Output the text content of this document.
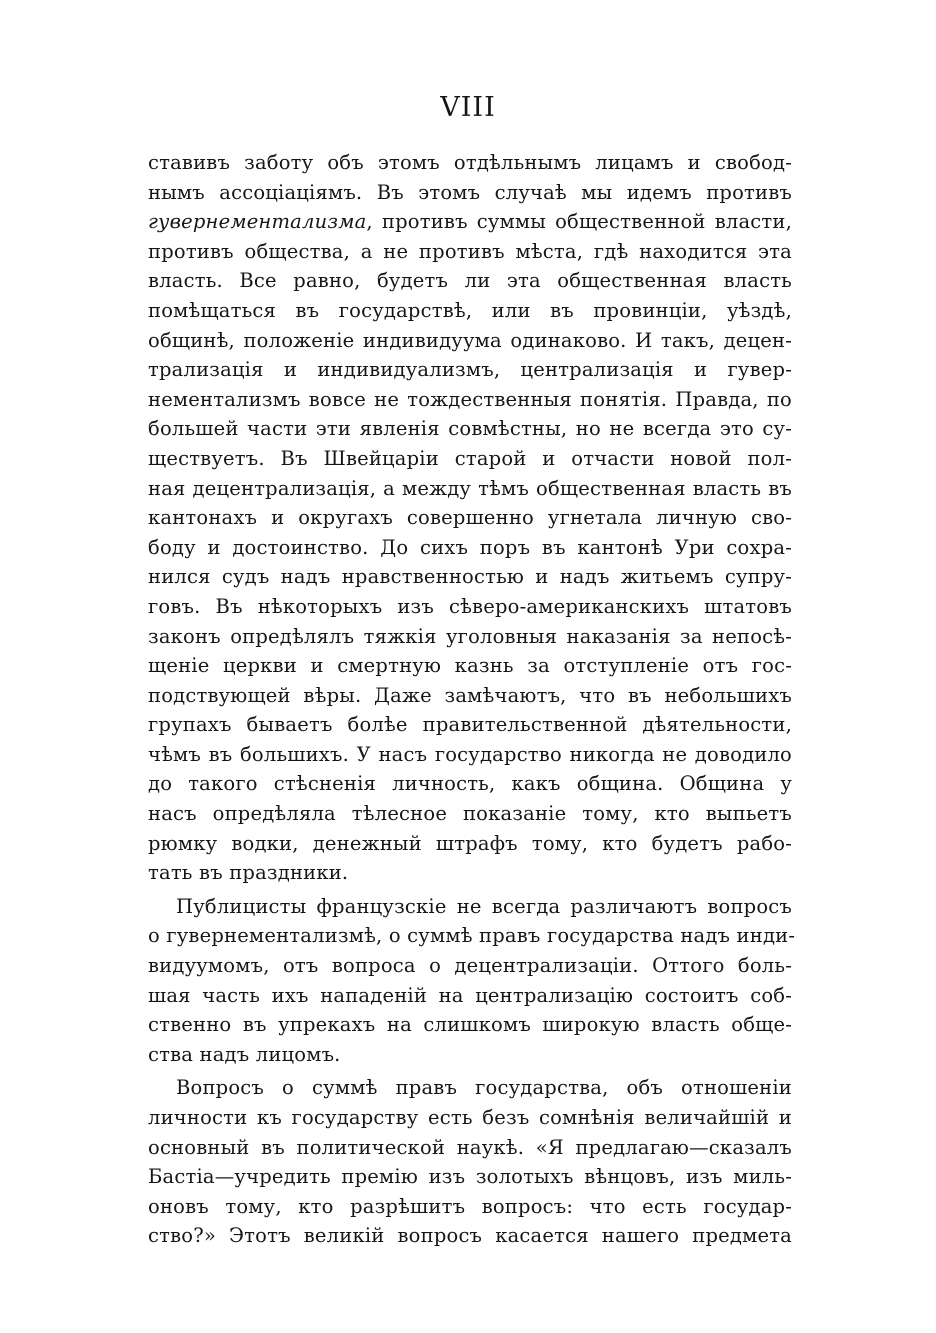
VIII
ставивъ заботу объ этомъ отдѣльнымъ лицамъ и свобод-
нымъ ассоціаціямъ. Въ этомъ случаѣ мы идемъ противъ
гувернементализма, противъ суммы общественной власти,
противъ общества, а не противъ мѣста, гдѣ находится эта
власть. Все равно, будетъ ли эта общественная власть
помѣщаться въ государствѣ, или въ провинціи, уѣздѣ,
общинѣ, положеніе индивидуума одинаково. И такъ, децен-
трализація и индивидуализмъ, централизація и гувер-
нементализмъ вовсе не тождественныя понятія. Правда, по
большей части эти явленія совмѣстны, но не всегда это су-
ществуетъ. Въ Швейцаріи старой и отчасти новой пол-
ная децентрализація, а между тѣмъ общественная власть въ
кантонахъ и округахъ совершенно угнетала личную сво-
боду и достоинство. До сихъ поръ въ кантонѣ Ури сохра-
нился судъ надъ нравственностью и надъ житьемъ супру-
говъ. Въ нѣкоторыхъ изъ сѣверо-американскихъ штатовъ
законъ опредѣлялъ тяжкія уголовныя наказанія за непосѣ-
щеніе церкви и смертную казнь за отступленіе отъ гос-
подствующей вѣры. Даже замѣчаютъ, что въ небольшихъ
групахъ бываетъ болѣе правительственной дѣятельности,
чѣмъ въ большихъ. У насъ государство никогда не доводило
до такого стѣсненія личность, какъ община. Община у
насъ опредѣляла тѣлесное показаніе тому, кто выпьетъ
рюмку водки, денежный штрафъ тому, кто будетъ рабо-
тать въ праздники.
Публицисты французскіе не всегда различаютъ вопросъ
о гувернементализмѣ, о суммѣ правъ государства надъ инди-
видуумомъ, отъ вопроса о децентрализаціи. Оттого боль-
шая часть ихъ нападеній на централизацію состоитъ соб-
ственно въ упрекахъ на слишкомъ широкую власть обще-
ства надъ лицомъ.
Вопросъ о суммѣ правъ государства, объ отношеніи
личности къ государству есть безъ сомнѣнія величайшій и
основный въ политической наукѣ. «Я предлагаю—сказалъ
Бастіа—учредить премію изъ золотыхъ вѣнцовъ, изъ миль-
оновъ тому, кто разрѣшитъ вопросъ: что есть государ-
ство?» Этотъ великій вопросъ касается нашего предмета
